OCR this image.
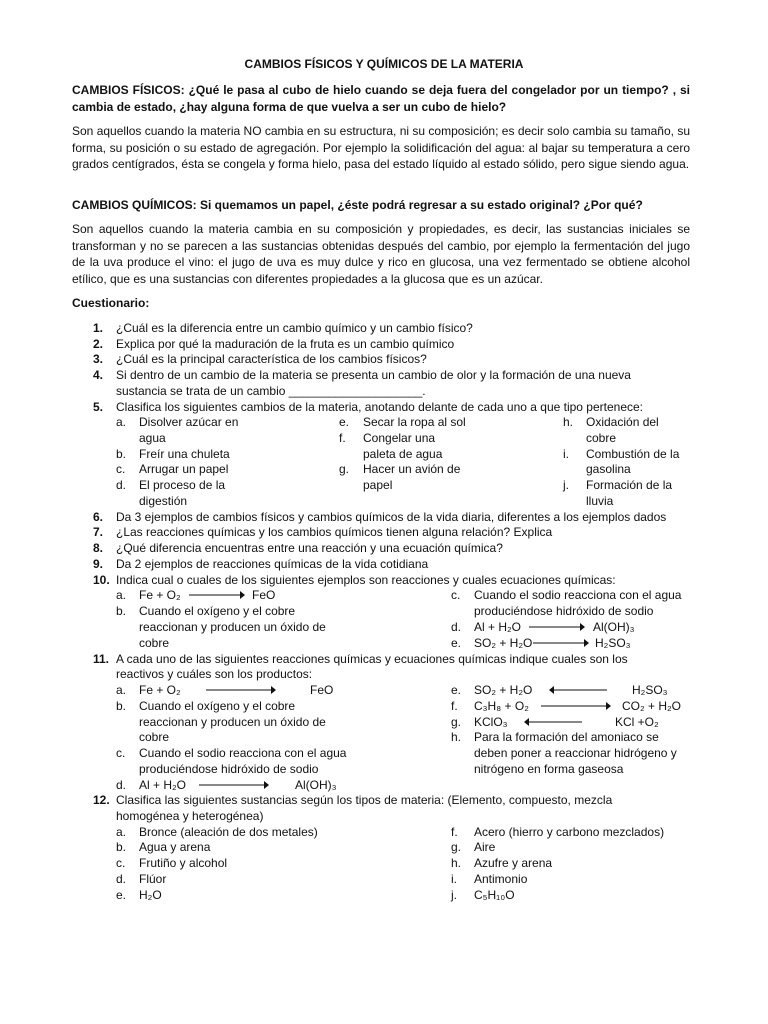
CAMBIOS FÍSICOS Y QUÍMICOS DE LA MATERIA
CAMBIOS FÍSICOS: ¿Qué le pasa al cubo de hielo cuando se deja fuera del congelador por un tiempo? , si cambia de estado, ¿hay alguna forma de que vuelva a ser un cubo de hielo?
Son aquellos cuando la materia NO cambia en su estructura, ni su composición; es decir solo cambia su tamaño, su forma, su posición o su estado de agregación. Por ejemplo la solidificación del agua: al bajar su temperatura a cero grados centígrados, ésta se congela y forma hielo, pasa del estado líquido al estado sólido, pero sigue siendo agua.
CAMBIOS QUÍMICOS: Si quemamos un papel, ¿éste podrá regresar a su estado original? ¿Por qué?
Son aquellos cuando la materia cambia en su composición y propiedades, es decir, las sustancias iniciales se transforman y no se parecen a las sustancias obtenidas después del cambio, por ejemplo la fermentación del jugo de la uva produce el vino: el jugo de uva es muy dulce y rico en glucosa, una vez fermentado se obtiene alcohol etílico, que es una sustancias con diferentes propiedades a la glucosa que es un azúcar.
Cuestionario:
1.	¿Cuál es la diferencia entre un cambio químico y un cambio físico?
2.	Explica por qué la maduración de la fruta es un cambio químico
3.	¿Cuál es la principal característica de los cambios físicos?
4.	Si dentro de un cambio de la materia se presenta un cambio de olor y la formación de una nueva
sustancia se trata de un cambio ____________________.
5.	Clasifica los siguientes cambios de la materia, anotando delante de cada uno a que tipo pertenece:
a.	Disolver azúcar en
agua
b.	Freír una chuleta
c.	Arrugar un papel
d.	El proceso de la
digestión
e.	Secar la ropa al sol
f.	Congelar una
paleta de agua
g.	Hacer un avión de
papel
h.	Oxidación del
cobre
i.	Combustión de la
gasolina
j.	Formación de la
lluvia
6.	Da 3 ejemplos de cambios físicos y cambios químicos de la vida diaria, diferentes a los ejemplos dados
7.	¿Las reacciones químicas y los cambios químicos tienen alguna relación? Explica
8.	¿Qué diferencia encuentras entre una reacción y una ecuación química?
9.	Da 2 ejemplos de reacciones químicas de la vida cotidiana
10. Indica cual o cuales de los siguientes ejemplos son reacciones y cuales ecuaciones químicas:
a.	Fe + O₂	FeO
b.	Cuando el oxígeno y el cobre
reaccionan y producen un óxido de
cobre
c.	Cuando el sodio reacciona con el agua
produciéndose hidróxido de sodio
d.	Al + H₂O	Al(OH)₃
e.	SO₂ + H₂O	H₂SO₃
11. A cada uno de las siguientes reacciones químicas y ecuaciones químicas indique cuales son los
reactivos y cuáles son los productos:
a.	Fe + O₂	FeO
b.	Cuando el oxígeno y el cobre
reaccionan y producen un óxido de
cobre
c.	Cuando el sodio reacciona con el agua
produciéndose hidróxido de sodio
d.	Al + H₂O	Al(OH)₃
e.	SO₂ + H₂O	H₂SO₃
f.	C₃H₈ + O₂	CO₂ + H₂O
g.	KClO₃	KCl +O₂
h.	Para la formación del amoniaco se
deben poner a reaccionar hidrógeno y
nitrógeno en forma gaseosa
12. Clasifica las siguientes sustancias según los tipos de materia: (Elemento, compuesto, mezcla
homogénea y heterogénea)
a.	Bronce (aleación de dos metales)
b.	Agua y arena
c.	Frutiño y alcohol
d.	Flúor
e.	H₂O
f.	Acero (hierro y carbono mezclados)
g.	Aire
h.	Azufre y arena
i.	Antimonio
j.	C₅H₁₀O
